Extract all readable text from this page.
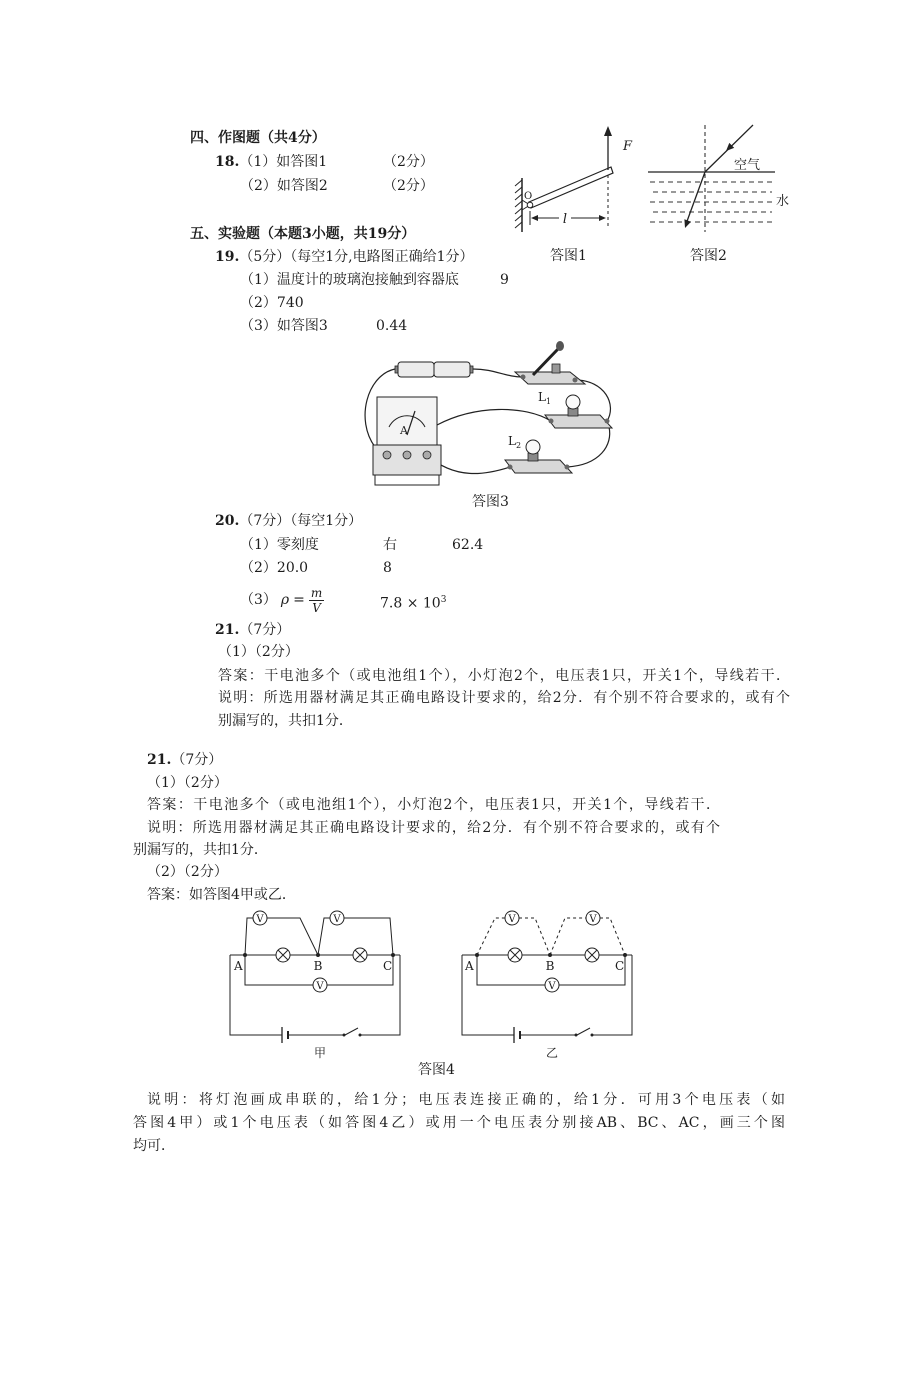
四、作图题（共4分）
18.（1）如答图1	（2分）
（2）如答图2	（2分）
F
O
l
答图1
空气
水
答图2
五、实验题（本题3小题，共19分）
19.（5分）（每空1分,电路图正确给1分）
（1）温度计的玻璃泡接触到容器底	9
（2）740
（3）如答图3	0.44
A
$L_1$
$L_2$
答图3
20.（7分）（每空1分）
（1）零刻度	右	62.4
（2）20.0	8
（3） $\rho = \frac{m}{V}$	$7.8 \times 10^3$
21.（7分）
（1）（2分）
答案：干电池多个（或电池组1个），小灯泡2个，电压表1只，开关1个，导线若干．
说明：所选用器材满足其正确电路设计要求的，给2分．有个别不符合要求的，或有个
别漏写的，共扣1分．
21.（7分）
（1）（2分）
答案：干电池多个（或电池组1个），小灯泡2个，电压表1只，开关1个，导线若干．
说明：所选用器材满足其正确电路设计要求的，给2分．有个别不符合要求的，或有个
别漏写的，共扣1分．
（2）（2分）
答案：如答图4甲或乙．
V
V	V
A	B	C
甲
V
V	V
A	B	C
乙
答图4
说明：将灯泡画成串联的，给1分；电压表连接正确的，给1分．可用3个电压表（如
答图4甲）或1个电压表（如答图4乙）或用一个电压表分别接AB、BC、AC，画三个图
均可．
